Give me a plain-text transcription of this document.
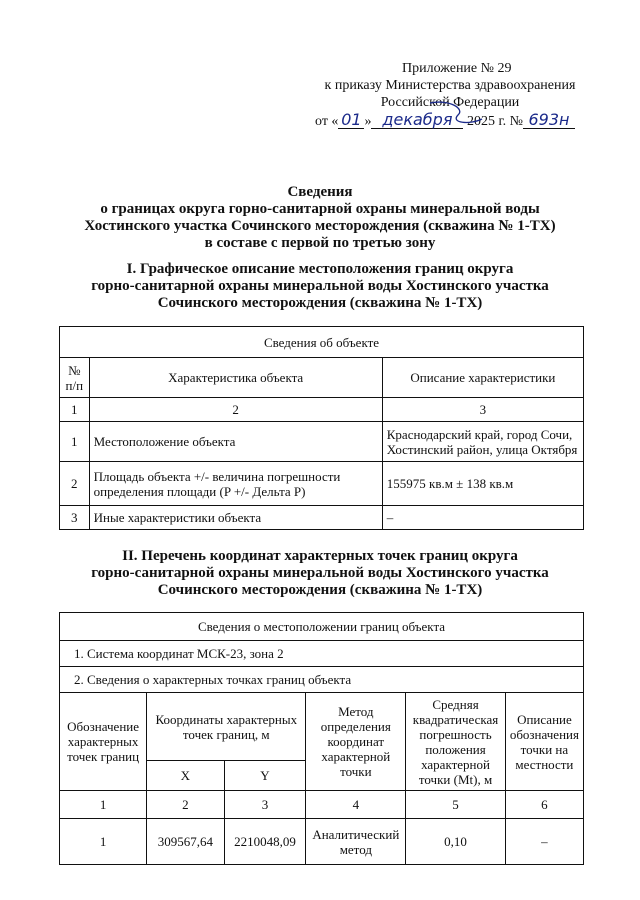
Приложение № 29
к приказу Министерства здравоохранения
Российской Федерации
от « 01 » декабря 2025 г. № 693н
Сведения
о границах округа горно-санитарной охраны минеральной воды
Хостинского участка Сочинского месторождения (скважина № 1-ТХ)
в составе с первой по третью зону
I. Графическое описание местоположения границ округа
горно-санитарной охраны минеральной воды Хостинского участка
Сочинского месторождения (скважина № 1-ТХ)
Сведения об объекте		
№ п/п	Характеристика объекта	Описание характеристики
1	2	3
1	Местоположение объекта	Краснодарский край, город Сочи, Хостинский район, улица Октября
2	Площадь объекта +/- величина погрешности определения площади (P +/- Дельта P)	155975 кв.м ± 138 кв.м
3	Иные характеристики объекта	–
II. Перечень координат характерных точек границ округа
горно-санитарной охраны минеральной воды Хостинского участка
Сочинского месторождения (скважина № 1-ТХ)
Сведения о местоположении границ объекта					
1. Система координат МСК-23, зона 2					
2. Сведения о характерных точках границ объекта					
Обозначение характерных точек границ	Координаты характерных точек границ, м		Метод определения координат характерной точки	Средняя квадратическая погрешность положения характерной точки (Mt), м	Описание обозначения точки на местности
	X	Y			
1	2	3	4	5	6
1	309567,64	2210048,09	Аналитический метод	0,10	–
